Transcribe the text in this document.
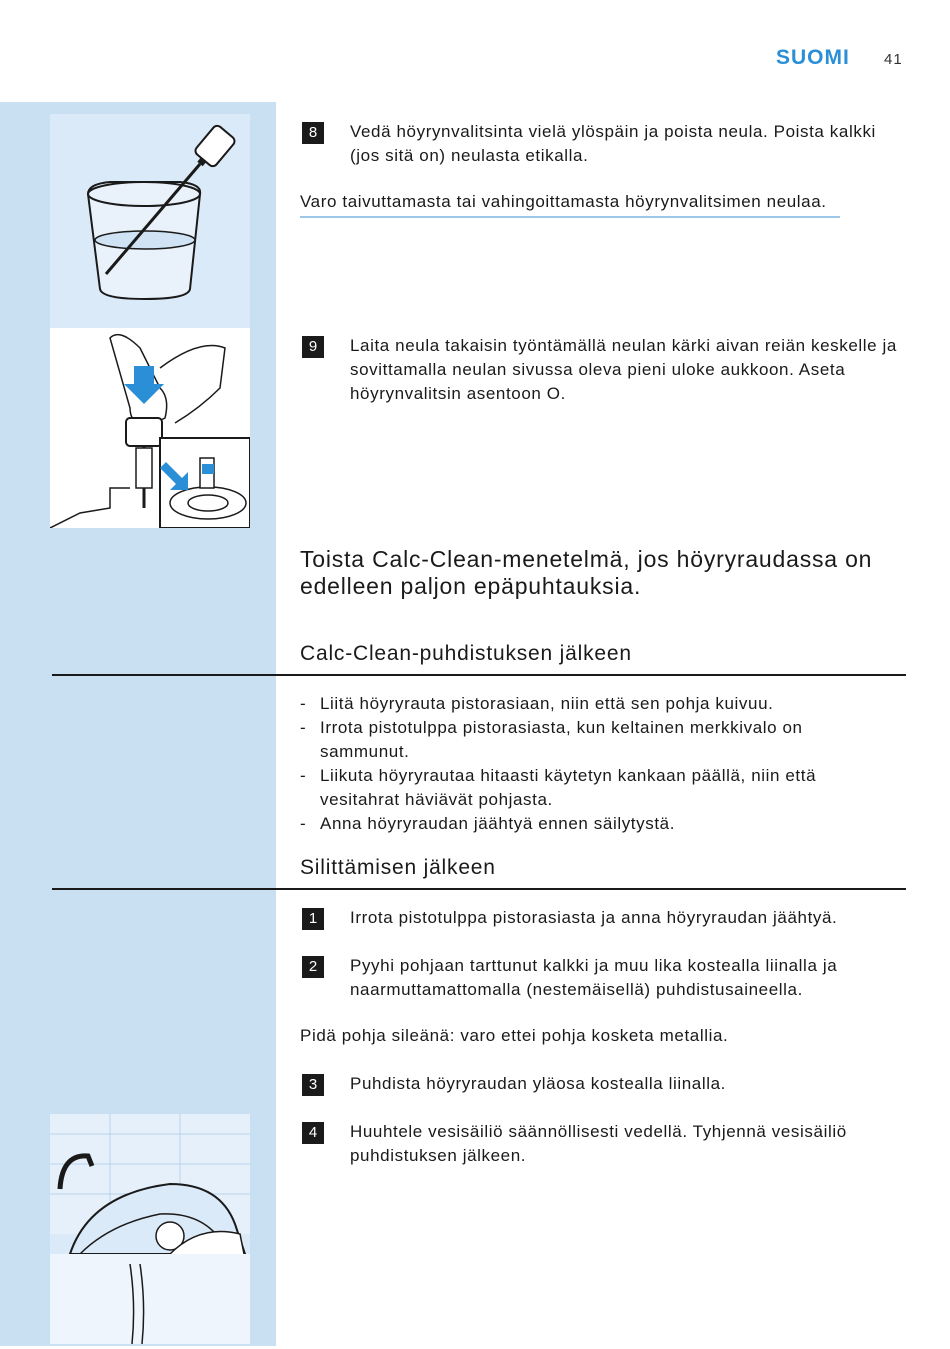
SUOMI 41
8	Vedä höyrynvalitsinta vielä ylöspäin ja poista neula. Poista kalkki (jos sitä on) neulasta etikalla.
Varo taivuttamasta tai vahingoittamasta höyrynvalitsimen neulaa.
9	Laita neula takaisin työntämällä neulan kärki aivan reiän keskelle ja sovittamalla neulan sivussa oleva pieni uloke aukkoon. Aseta höyrynvalitsin asentoon O.
Toista Calc-Clean-menetelmä, jos höyryraudassa on edelleen paljon epäpuhtauksia.
Calc-Clean-puhdistuksen jälkeen
- Liitä höyryrauta pistorasiaan, niin että sen pohja kuivuu.
- Irrota pistotulppa pistorasiasta, kun keltainen merkkivalo on sammunut.
- Liikuta höyryrautaa hitaasti käytetyn kankaan päällä, niin että vesitahrat häviävät pohjasta.
- Anna höyryraudan jäähtyä ennen säilytystä.
Silittämisen jälkeen
1	Irrota pistotulppa pistorasiasta ja anna höyryraudan jäähtyä.
2	Pyyhi pohjaan tarttunut kalkki ja muu lika kostealla liinalla ja naarmuttamattomalla (nestemäisellä) puhdistusaineella.
Pidä pohja sileänä: varo ettei pohja kosketa metallia.
3	Puhdista höyryraudan yläosa kostealla liinalla.
4	Huuhtele vesisäiliö säännöllisesti vedellä. Tyhjennä vesisäiliö puhdistuksen jälkeen.
